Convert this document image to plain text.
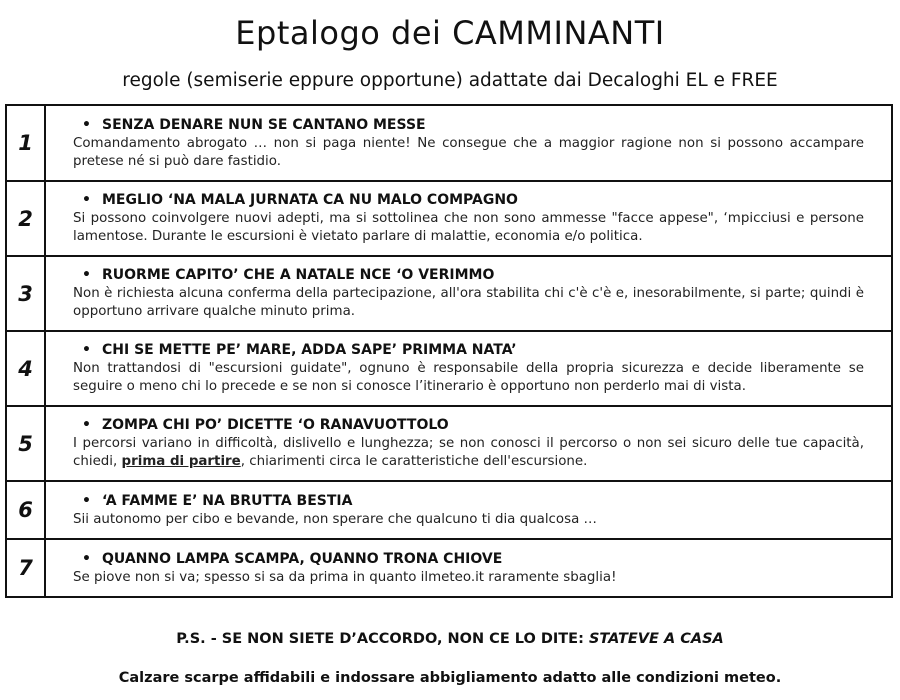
Eptalogo dei CAMMINANTI
regole (semiserie eppure opportune) adattate dai Decaloghi EL e FREE
1	• SENZA DENARE NUN SE CANTANO MESSE
Comandamento abrogato … non si paga niente! Ne consegue che a maggior ragione non si possono accampare pretese né si può dare fastidio.

2	• MEGLIO ‘NA MALA JURNATA CA NU MALO COMPAGNO
Si possono coinvolgere nuovi adepti, ma si sottolinea che non sono ammesse "facce appese", ‘mpicciusi e persone lamentose. Durante le escursioni è vietato parlare di malattie, economia e/o politica.

3	• RUORME CAPITO’ CHE A NATALE NCE ‘O VERIMMO
Non è richiesta alcuna conferma della partecipazione, all'ora stabilita chi c'è c'è e, inesorabilmente, si parte; quindi è opportuno arrivare qualche minuto prima.

4	• CHI SE METTE PE’ MARE, ADDA SAPE’ PRIMMA NATA’
Non trattandosi di "escursioni guidate", ognuno è responsabile della propria sicurezza e decide liberamente se seguire o meno chi lo precede e se non si conosce l’itinerario è opportuno non perderlo mai di vista.

5	• ZOMPA CHI PO’ DICETTE ‘O RANAVUOTTOLO
I percorsi variano in difficoltà, dislivello e lunghezza; se non conosci il percorso o non sei sicuro delle tue capacità, chiedi, prima di partire, chiarimenti circa le caratteristiche dell'escursione.

6	• ‘A FAMME E’ NA BRUTTA BESTIA
Sii autonomo per cibo e bevande, non sperare che qualcuno ti dia qualcosa …

7	• QUANNO LAMPA SCAMPA, QUANNO TRONA CHIOVE
Se piove non si va; spesso si sa da prima in quanto ilmeteo.it raramente sbaglia!
P.S. - SE NON SIETE D’ACCORDO, NON CE LO DITE: STATEVE A CASA
Calzare scarpe affidabili e indossare abbigliamento adatto alle condizioni meteo.
